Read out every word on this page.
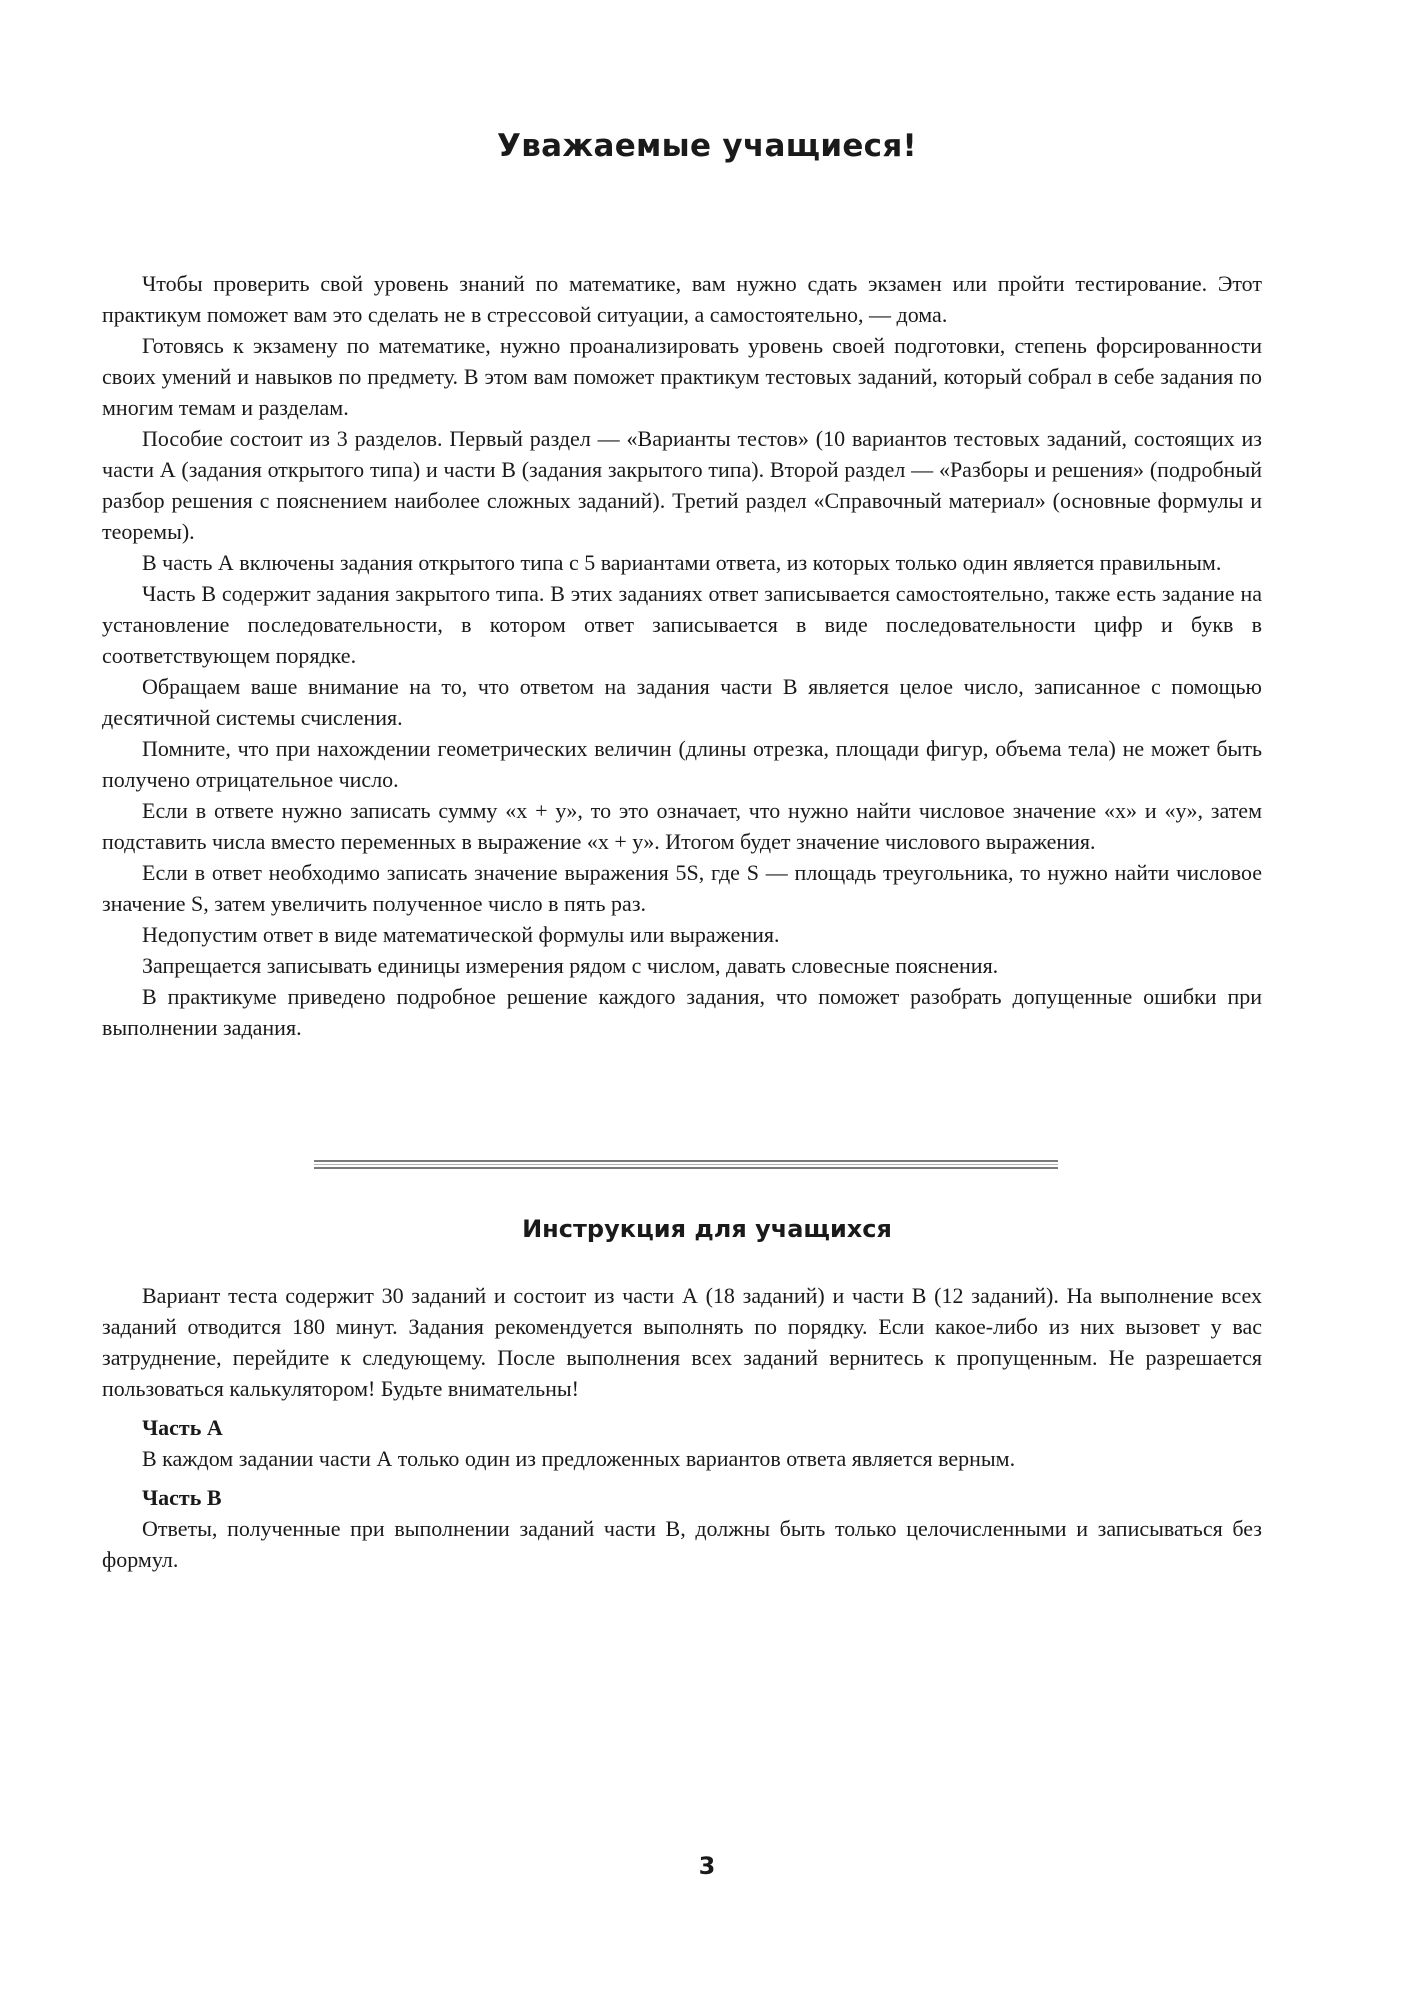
Уважаемые учащиеся!

Чтобы проверить свой уровень знаний по математике, вам нужно сдать экзамен или пройти тестирование. Этот практикум поможет вам это сделать не в стрессовой ситуации, а самостоятельно, — дома.

Готовясь к экзамену по математике, нужно проанализировать уровень своей подготовки, степень форсированности своих умений и навыков по предмету. В этом вам поможет практикум тестовых заданий, который собрал в себе задания по многим темам и разделам.

Пособие состоит из 3 разделов. Первый раздел — «Варианты тестов» (10 вариантов тестовых заданий, состоящих из части А (задания открытого типа) и части В (задания закрытого типа). Второй раздел — «Разборы и решения» (подробный разбор решения с пояснением наиболее сложных заданий). Третий раздел «Справочный материал» (основные формулы и теоремы).

В часть А включены задания открытого типа с 5 вариантами ответа, из которых только один является правильным.

Часть В содержит задания закрытого типа. В этих заданиях ответ записывается самостоятельно, также есть задание на установление последовательности, в котором ответ записывается в виде последовательности цифр и букв в соответствующем порядке.

Обращаем ваше внимание на то, что ответом на задания части В является целое число, записанное с помощью десятичной системы счисления.

Помните, что при нахождении геометрических величин (длины отрезка, площади фигур, объема тела) не может быть получено отрицательное число.

Если в ответе нужно записать сумму «x + y», то это означает, что нужно найти числовое значение «x» и «y», затем подставить числа вместо переменных в выражение «x + y». Итогом будет значение числового выражения.

Если в ответ необходимо записать значение выражения 5S, где S — площадь треугольника, то нужно найти числовое значение S, затем увеличить полученное число в пять раз.

Недопустим ответ в виде математической формулы или выражения.

Запрещается записывать единицы измерения рядом с числом, давать словесные пояснения.

В практикуме приведено подробное решение каждого задания, что поможет разобрать допущенные ошибки при выполнении задания.

Инструкция для учащихся

Вариант теста содержит 30 заданий и состоит из части А (18 заданий) и части В (12 заданий). На выполнение всех заданий отводится 180 минут. Задания рекомендуется выполнять по порядку. Если какое-либо из них вызовет у вас затруднение, перейдите к следующему. После выполнения всех заданий вернитесь к пропущенным. Не разрешается пользоваться калькулятором! Будьте внимательны!

Часть А

В каждом задании части А только один из предложенных вариантов ответа является верным.

Часть В

Ответы, полученные при выполнении заданий части В, должны быть только целочисленными и записываться без формул.

3
